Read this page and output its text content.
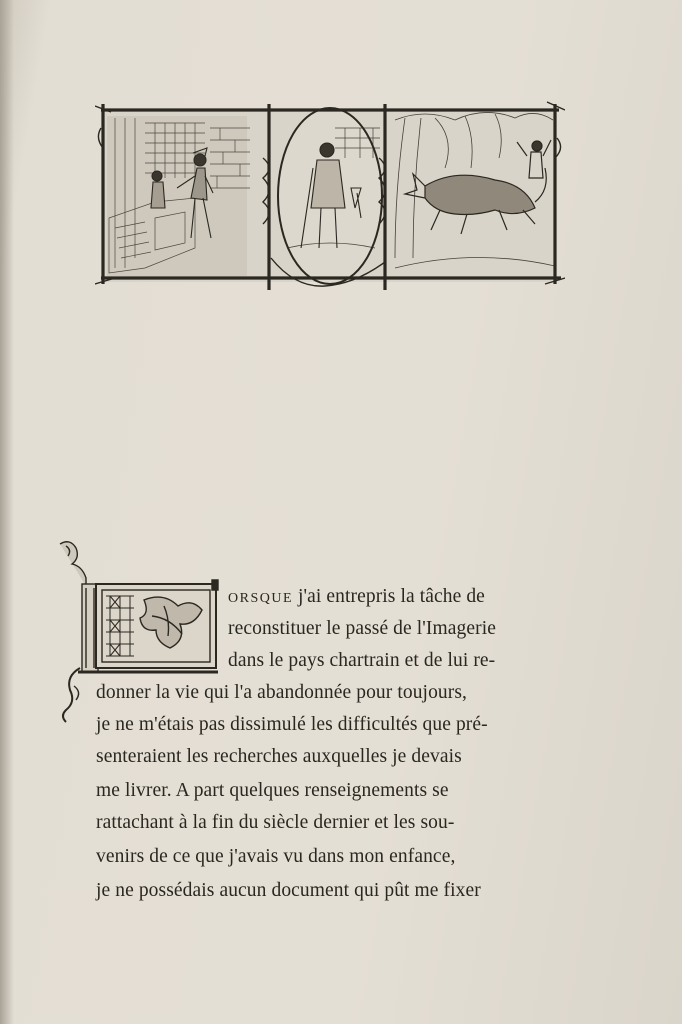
orsque j'ai entrepris la tâche de
reconstituer le passé de l'Imagerie
dans le pays chartrain et de lui re-
donner la vie qui l'a abandonnée pour toujours,
je ne m'étais pas dissimulé les difficultés que pré-
senteraient les recherches auxquelles je devais
me livrer. A part quelques renseignements se
rattachant à la fin du siècle dernier et les sou-
venirs de ce que j'avais vu dans mon enfance,
je ne possédais aucun document qui pût me fixer
